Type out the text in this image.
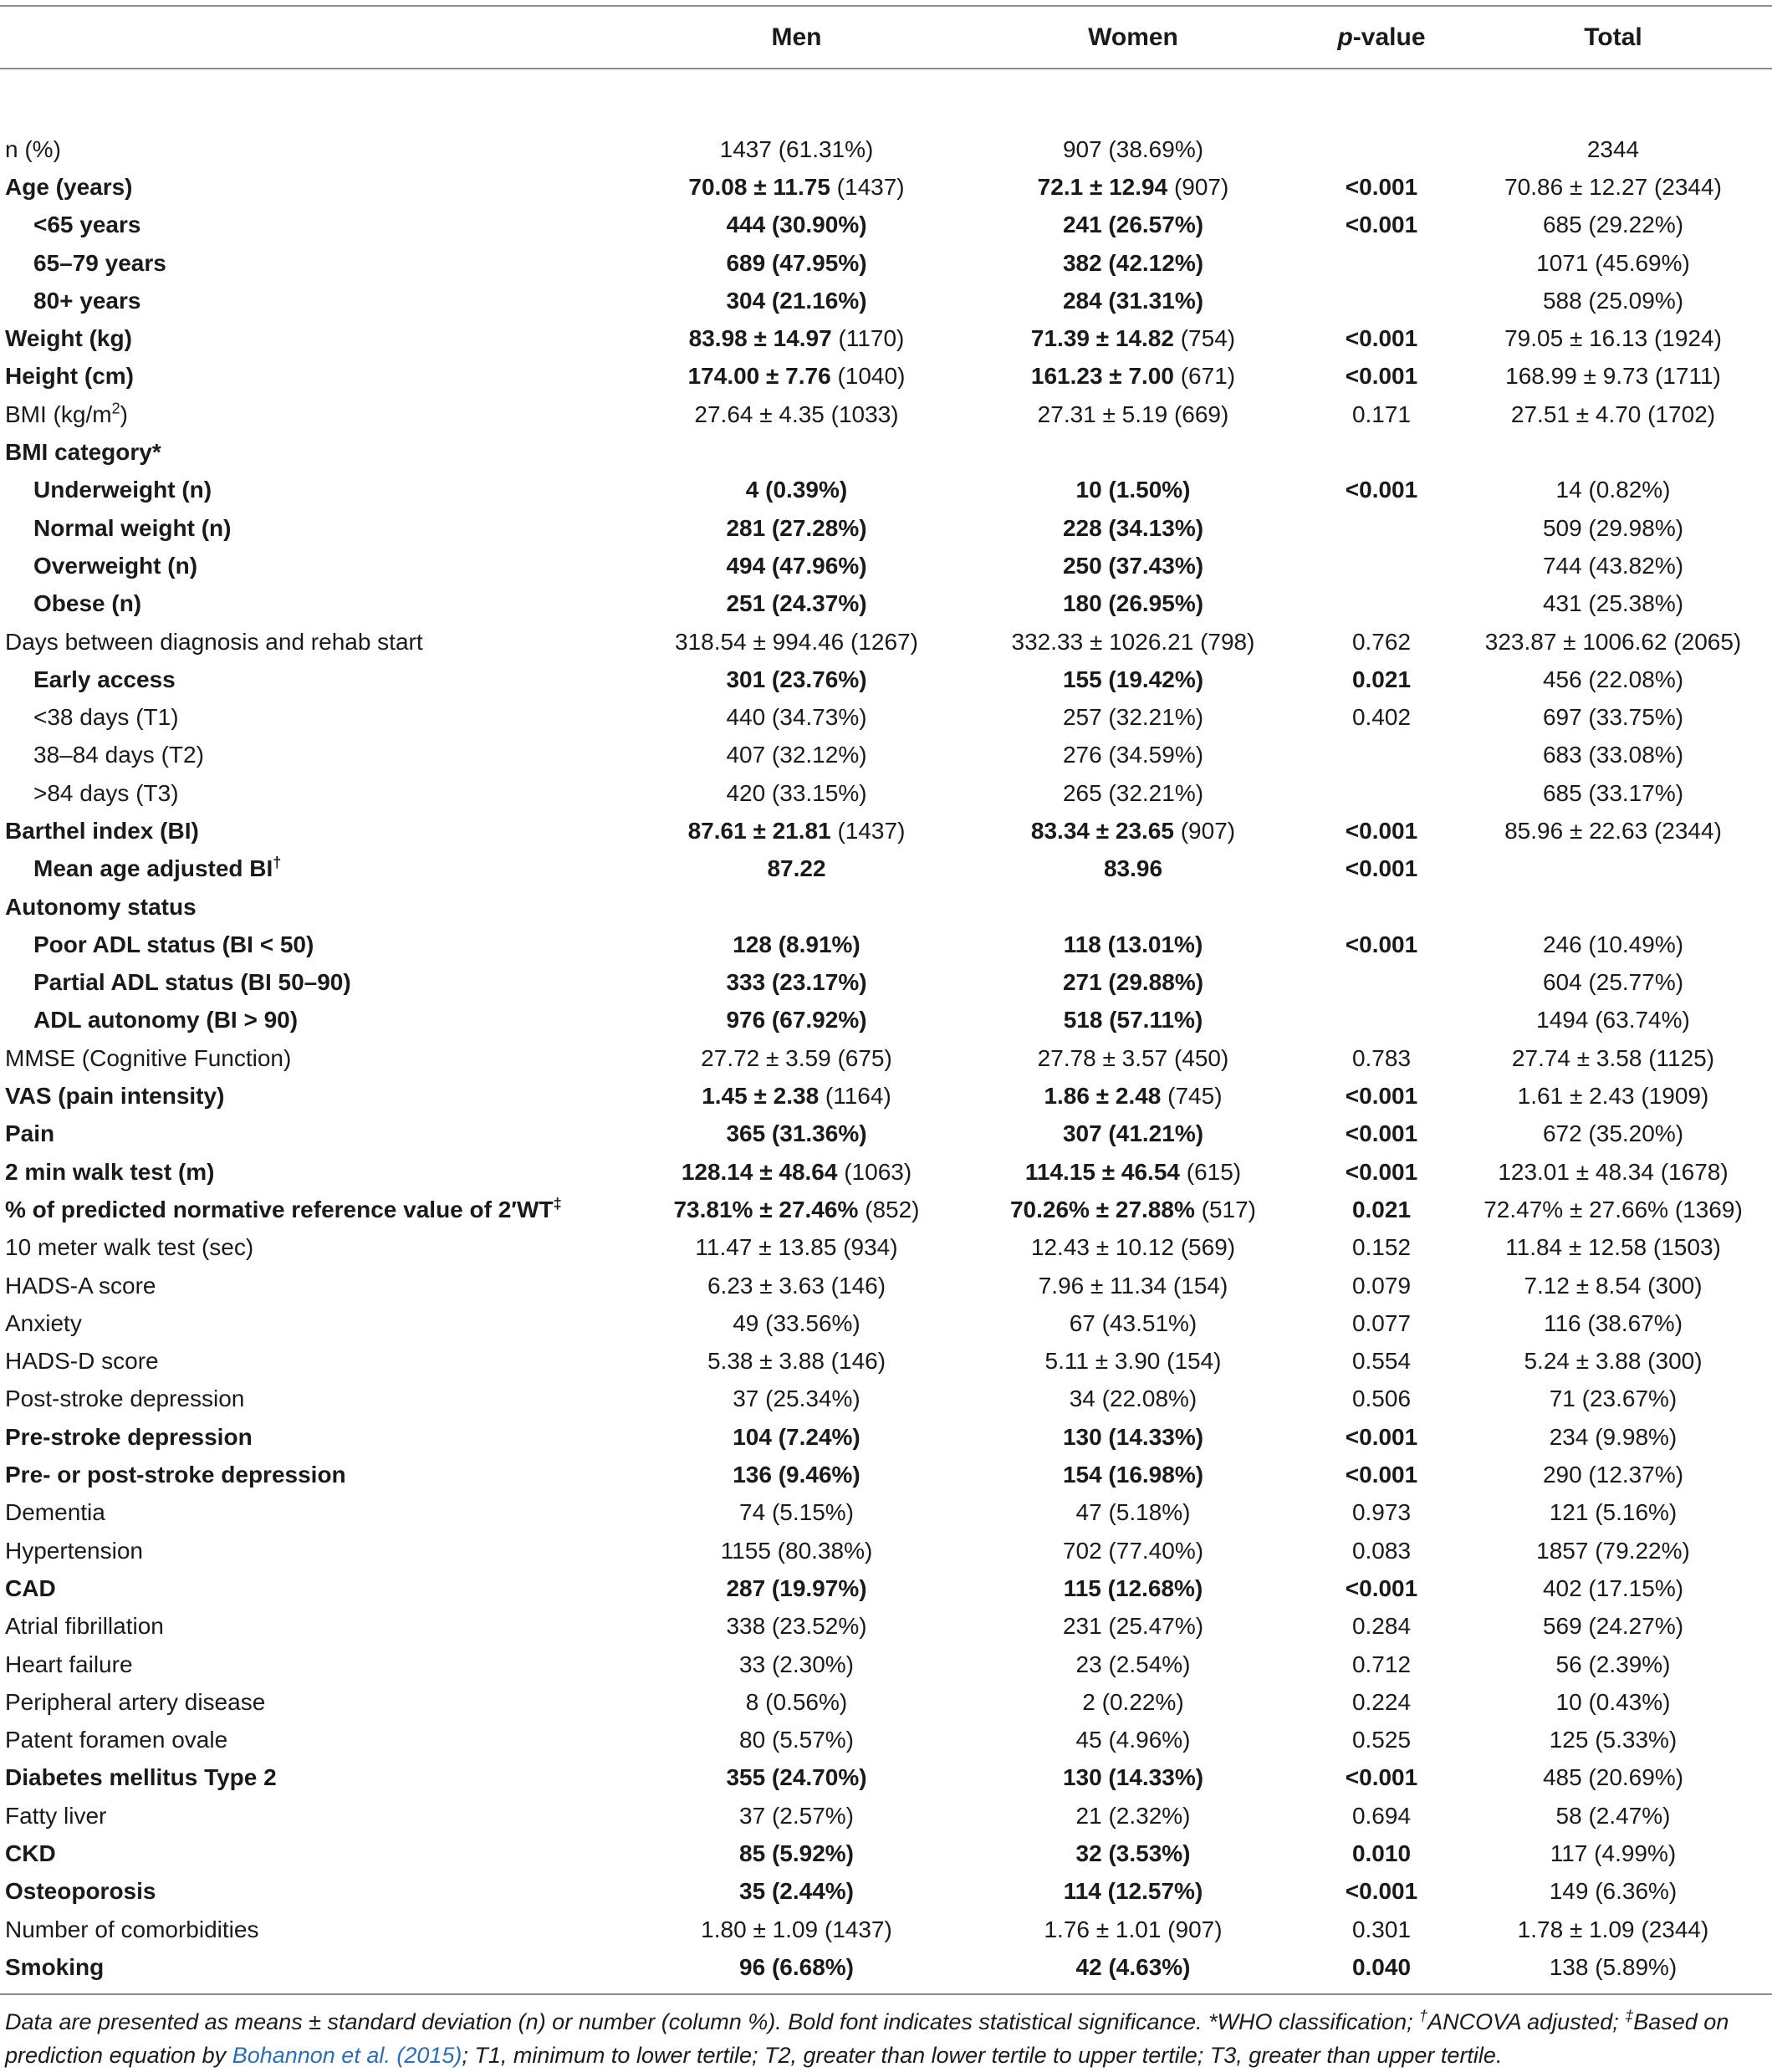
	Men	Women	p-value	Total

n (%)	1437 (61.31%)	907 (38.69%)		2344
Age (years)	70.08 ± 11.75 (1437)	72.1 ± 12.94 (907)	<0.001	70.86 ± 12.27 (2344)
<65 years	444 (30.90%)	241 (26.57%)	<0.001	685 (29.22%)
65–79 years	689 (47.95%)	382 (42.12%)		1071 (45.69%)
80+ years	304 (21.16%)	284 (31.31%)		588 (25.09%)
Weight (kg)	83.98 ± 14.97 (1170)	71.39 ± 14.82 (754)	<0.001	79.05 ± 16.13 (1924)
Height (cm)	174.00 ± 7.76 (1040)	161.23 ± 7.00 (671)	<0.001	168.99 ± 9.73 (1711)
BMI $(kg/m^2)$	27.64 ± 4.35 (1033)	27.31 ± 5.19 (669)	0.171	27.51 ± 4.70 (1702)
BMI category*				
Underweight (n)	4 (0.39%)	10 (1.50%)	<0.001	14 (0.82%)
Normal weight (n)	281 (27.28%)	228 (34.13%)		509 (29.98%)
Overweight (n)	494 (47.96%)	250 (37.43%)		744 (43.82%)
Obese (n)	251 (24.37%)	180 (26.95%)		431 (25.38%)
Days between diagnosis and rehab start	318.54 ± 994.46 (1267)	332.33 ± 1026.21 (798)	0.762	323.87 ± 1006.62 (2065)
Early access	301 (23.76%)	155 (19.42%)	0.021	456 (22.08%)
<38 days (T1)	440 (34.73%)	257 (32.21%)	0.402	697 (33.75%)
38–84 days (T2)	407 (32.12%)	276 (34.59%)		683 (33.08%)
>84 days (T3)	420 (33.15%)	265 (32.21%)		685 (33.17%)
Barthel index (BI)	87.61 ± 21.81 (1437)	83.34 ± 23.65 (907)	<0.001	85.96 ± 22.63 (2344)
Mean age adjusted BI†	87.22	83.96	<0.001	
Autonomy status				
Poor ADL status (BI < 50)	128 (8.91%)	118 (13.01%)	<0.001	246 (10.49%)
Partial ADL status (BI 50–90)	333 (23.17%)	271 (29.88%)		604 (25.77%)
ADL autonomy (BI > 90)	976 (67.92%)	518 (57.11%)		1494 (63.74%)
MMSE (Cognitive Function)	27.72 ± 3.59 (675)	27.78 ± 3.57 (450)	0.783	27.74 ± 3.58 (1125)
VAS (pain intensity)	1.45 ± 2.38 (1164)	1.86 ± 2.48 (745)	<0.001	1.61 ± 2.43 (1909)
Pain	365 (31.36%)	307 (41.21%)	<0.001	672 (35.20%)
2 min walk test (m)	128.14 ± 48.64 (1063)	114.15 ± 46.54 (615)	<0.001	123.01 ± 48.34 (1678)
% of predicted normative reference value of 2′WT‡	73.81% ± 27.46% (852)	70.26% ± 27.88% (517)	0.021	72.47% ± 27.66% (1369)
10 meter walk test (sec)	11.47 ± 13.85 (934)	12.43 ± 10.12 (569)	0.152	11.84 ± 12.58 (1503)
HADS-A score	6.23 ± 3.63 (146)	7.96 ± 11.34 (154)	0.079	7.12 ± 8.54 (300)
Anxiety	49 (33.56%)	67 (43.51%)	0.077	116 (38.67%)
HADS-D score	5.38 ± 3.88 (146)	5.11 ± 3.90 (154)	0.554	5.24 ± 3.88 (300)
Post-stroke depression	37 (25.34%)	34 (22.08%)	0.506	71 (23.67%)
Pre-stroke depression	104 (7.24%)	130 (14.33%)	<0.001	234 (9.98%)
Pre- or post-stroke depression	136 (9.46%)	154 (16.98%)	<0.001	290 (12.37%)
Dementia	74 (5.15%)	47 (5.18%)	0.973	121 (5.16%)
Hypertension	1155 (80.38%)	702 (77.40%)	0.083	1857 (79.22%)
CAD	287 (19.97%)	115 (12.68%)	<0.001	402 (17.15%)
Atrial fibrillation	338 (23.52%)	231 (25.47%)	0.284	569 (24.27%)
Heart failure	33 (2.30%)	23 (2.54%)	0.712	56 (2.39%)
Peripheral artery disease	8 (0.56%)	2 (0.22%)	0.224	10 (0.43%)
Patent foramen ovale	80 (5.57%)	45 (4.96%)	0.525	125 (5.33%)
Diabetes mellitus Type 2	355 (24.70%)	130 (14.33%)	<0.001	485 (20.69%)
Fatty liver	37 (2.57%)	21 (2.32%)	0.694	58 (2.47%)
CKD	85 (5.92%)	32 (3.53%)	0.010	117 (4.99%)
Osteoporosis	35 (2.44%)	114 (12.57%)	<0.001	149 (6.36%)
Number of comorbidities	1.80 ± 1.09 (1437)	1.76 ± 1.01 (907)	0.301	1.78 ± 1.09 (2344)
Smoking	96 (6.68%)	42 (4.63%)	0.040	138 (5.89%)
Data are presented as means ± standard deviation (n) or number (column %). Bold font indicates statistical significance. *WHO classification; †ANCOVA adjusted; ‡Based on prediction equation by Bohannon et al. (2015); T1, minimum to lower tertile; T2, greater than lower tertile to upper tertile; T3, greater than upper tertile.
